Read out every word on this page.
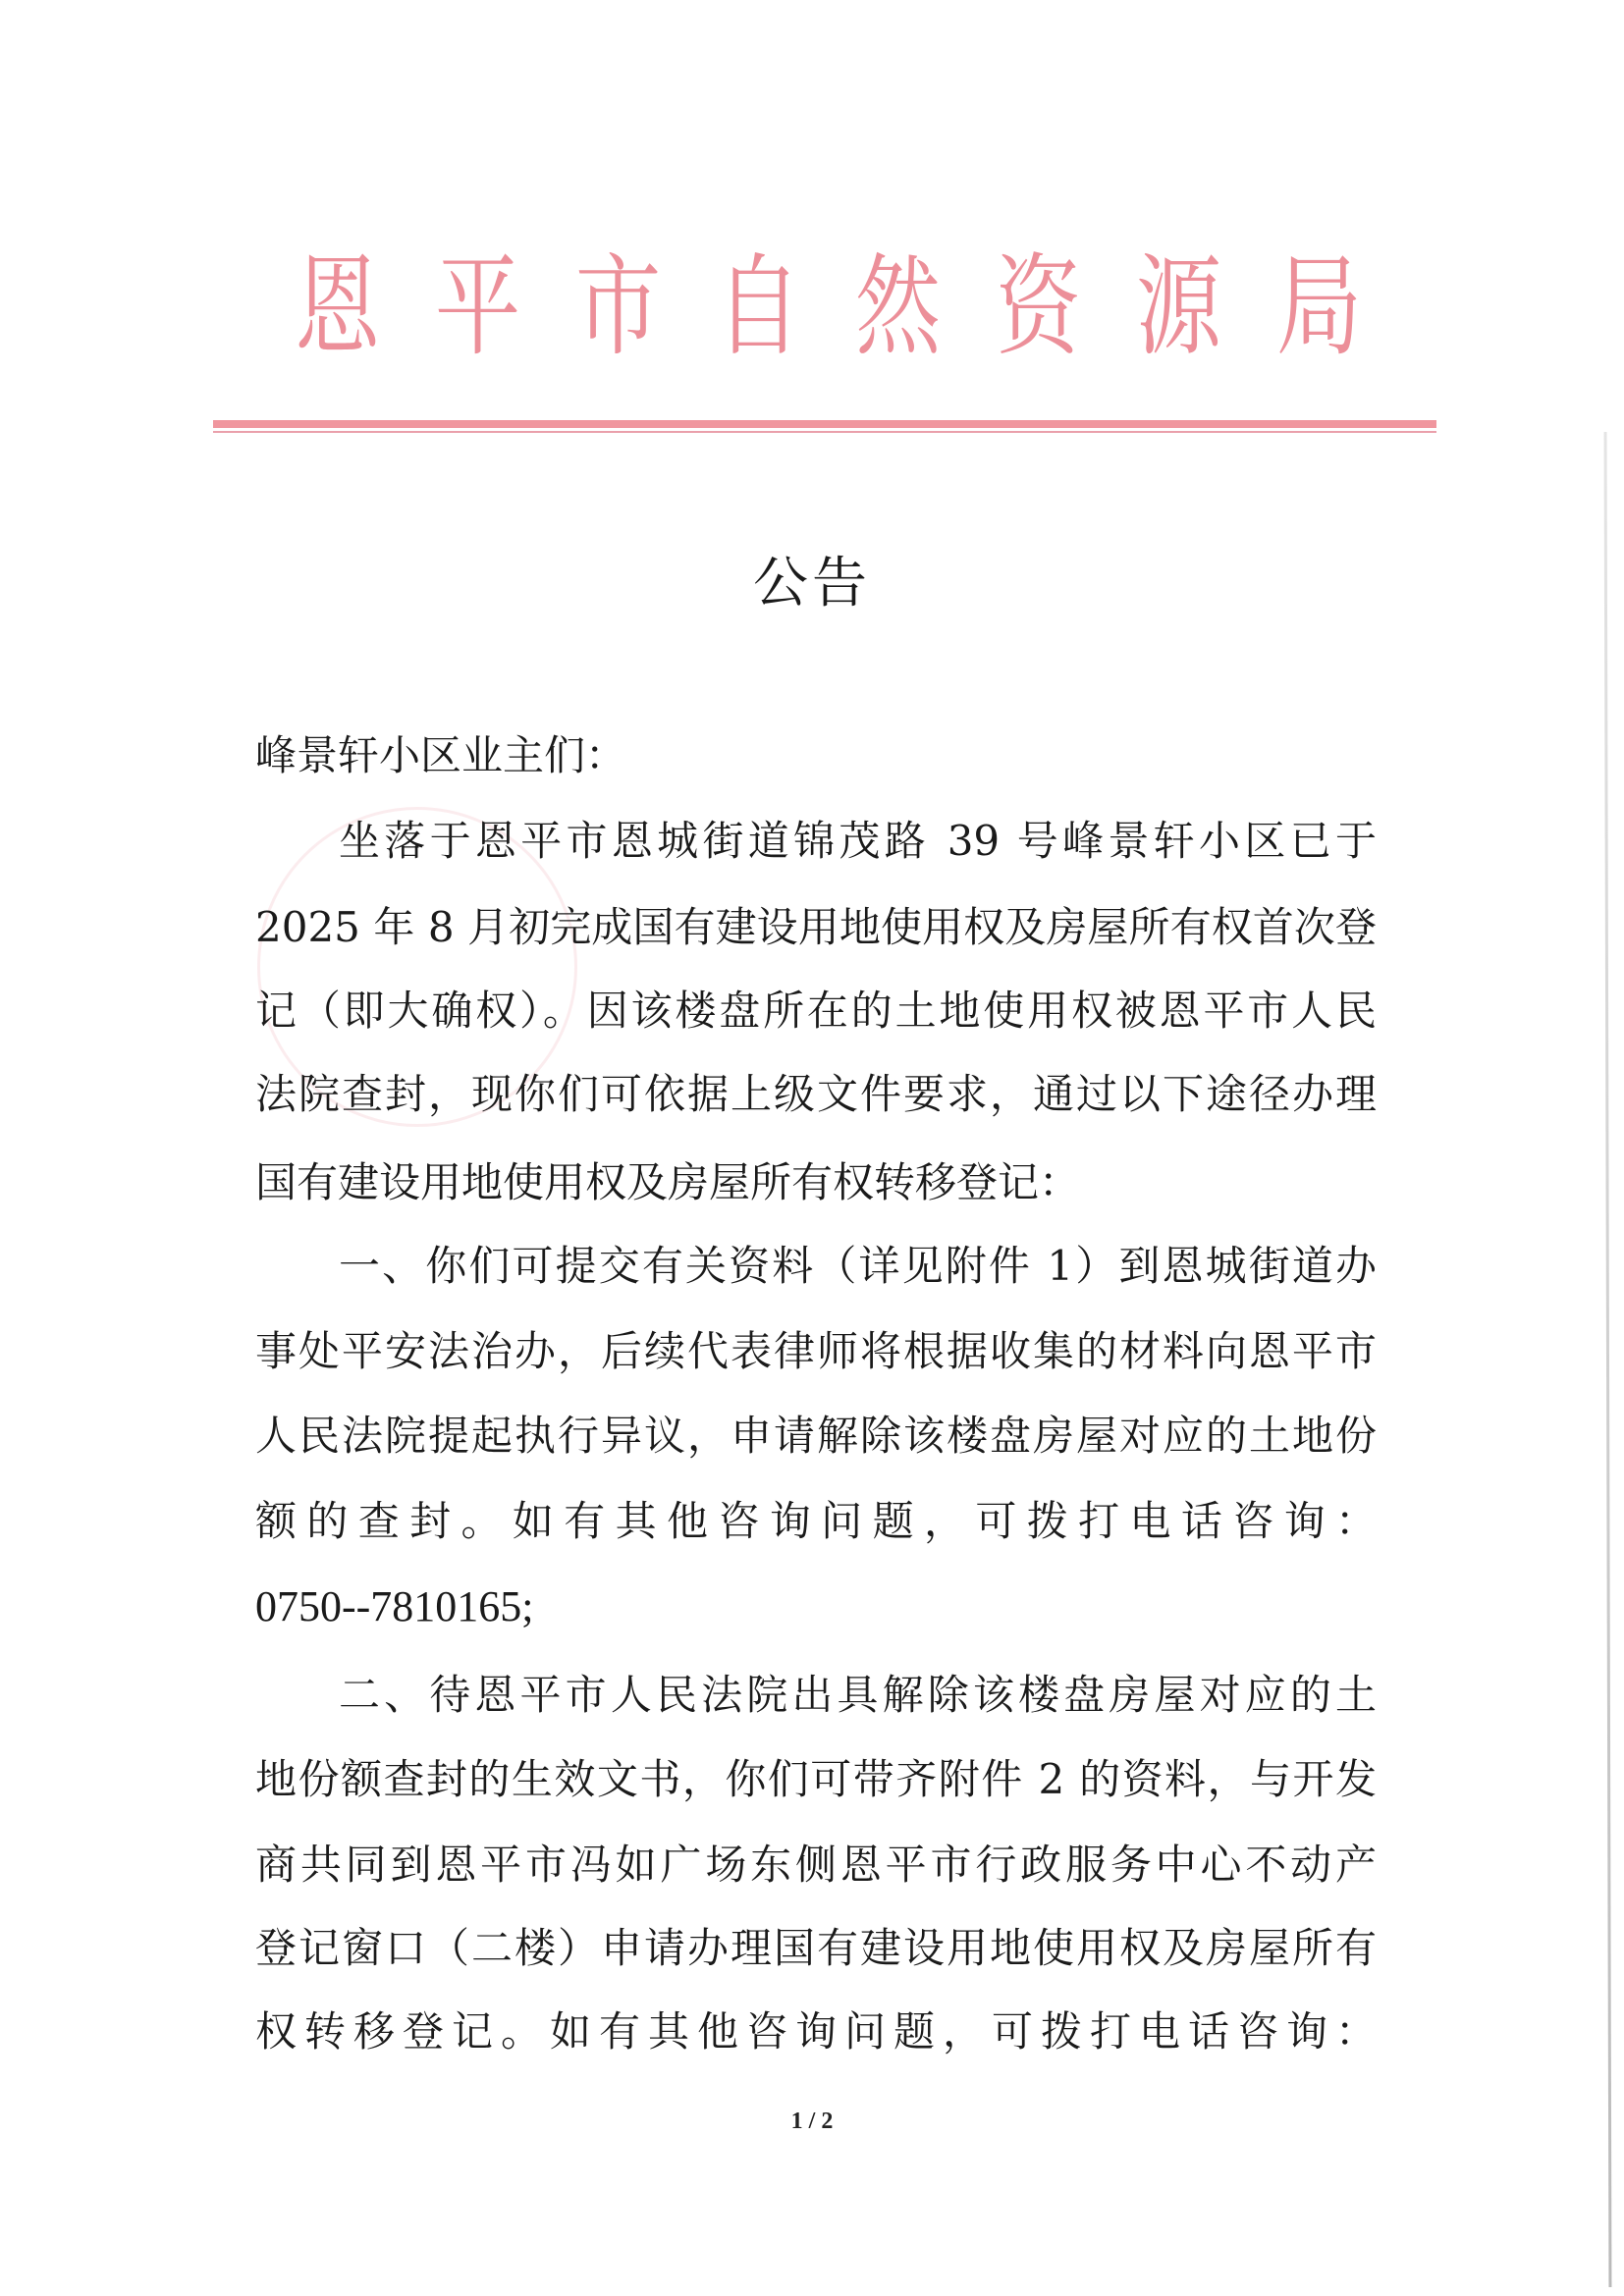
恩 平 市 自 然 资 源 局
公告
峰景轩小区业主们：
坐落于恩平市恩城街道锦茂路 39 号峰景轩小区已于
2025 年 8 月初完成国有建设用地使用权及房屋所有权首次登
记（即大确权）。因该楼盘所在的土地使用权被恩平市人民
法院查封，现你们可依据上级文件要求，通过以下途径办理
国有建设用地使用权及房屋所有权转移登记：
一、你们可提交有关资料（详见附件 1）到恩城街道办
事处平安法治办，后续代表律师将根据收集的材料向恩平市
人民法院提起执行异议，申请解除该楼盘房屋对应的土地份
额的查封。如有其他咨询问题，可拨打电话咨询：
0750--7810165;
二、待恩平市人民法院出具解除该楼盘房屋对应的土
地份额查封的生效文书，你们可带齐附件 2 的资料，与开发
商共同到恩平市冯如广场东侧恩平市行政服务中心不动产
登记窗口（二楼）申请办理国有建设用地使用权及房屋所有
权转移登记。如有其他咨询问题，可拨打电话咨询：
1 / 2
